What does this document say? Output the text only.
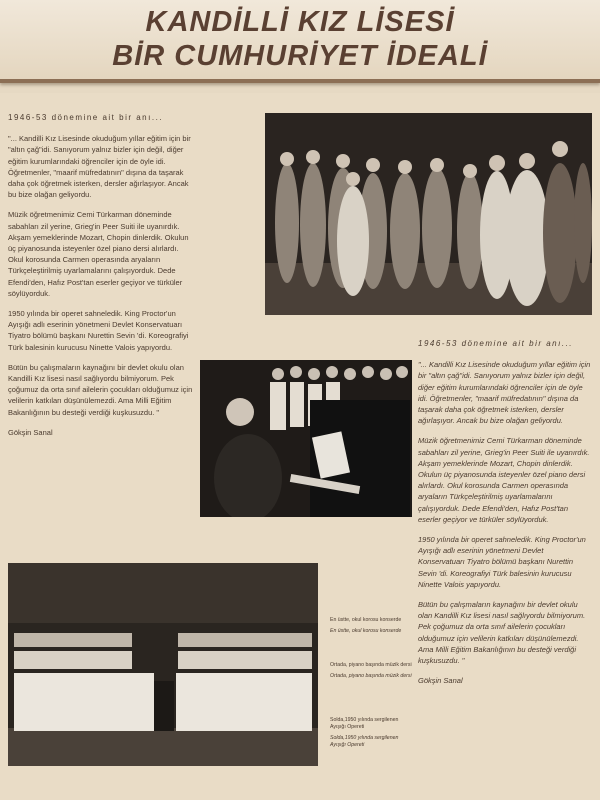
KANDİLLİ KIZ LİSESİ
BİR CUMHURİYET İDEALİ

1946-53 dönemine ait bir anı...

"... Kandilli Kız Lisesinde okuduğum yıllar eğitim için bir "altın çağ"idi. Sanıyorum yalnız bizler için değil, diğer eğitim kurumlarındaki öğrenciler için de öyle idi. Öğretmenler, "maarif müfredatının" dışına da taşarak daha çok öğretmek isterken, dersler ağırlaşıyor. Ancak bu bize olağan geliyordu.

Müzik öğretmenimiz Cemi Türkarman döneminde sabahları zil yerine, Grieg'in Peer Suiti ile uyanırdık. Akşam yemeklerinde Mozart, Chopin dinlerdik. Okulun üç piyanosunda isteyenler özel piano dersi alırlardı. Okul korosunda Carmen operasında aryaların Türkçeleştirilmiş uyarlamalarını çalışıyorduk. Dede Efendi'den, Hafız Post'tan eserler geçiyor ve türküler söylüyorduk.

1950 yılında bir operet sahneledik. King Proctor'un Ayışığı adlı eserinin yönetmeni Devlet Konservatuarı Tiyatro bölümü başkanı Nurettin Sevin 'di. Koreografiyi Türk balesinin kurucusu Ninette Valois yapıyordu.

Bütün bu çalışmaların kaynağını bir devlet okulu olan Kandilli Kız lisesi nasıl sağlıyordu bilmiyorum. Pek çoğumuz da orta sınıf ailelerin çocukları olduğumuz için velilerin katkıları düşünülemezdi. Ama Milli Eğitim Bakanlığının bu desteği verdiği kuşkusuzdu. "

Gökşin Sanal

1946-53 dönemine ait bir anı...

"... Kandilli Kız Lisesinde okuduğum yıllar eğitim için bir "altın çağ"idi. Sanıyorum yalnız bizler için değil, diğer eğitim kurumlarındaki öğrenciler için de öyle idi. Öğretmenler, "maarif müfredatının" dışına da taşarak daha çok öğretmek isterken, dersler ağırlaşıyor. Ancak bu bize olağan geliyordu.

Müzik öğretmenimiz Cemi Türkarman döneminde sabahları zil yerine, Grieg'in Peer Suiti ile uyanırdık. Akşam yemeklerinde Mozart, Chopin dinlerdik. Okulun üç piyanosunda isteyenler özel piano dersi alırlardı. Okul korosunda Carmen operasında aryaların Türkçeleştirilmiş uyarlamalarını çalışıyorduk. Dede Efendi'den, Hafız Post'tan eserler geçiyor ve türküler söylüyorduk.

1950 yılında bir operet sahneledik. King Proctor'un Ayışığı adlı eserinin yönetmeni Devlet Konservatuarı Tiyatro bölümü başkanı Nurettin Sevin 'di. Koreografiyi Türk balesinin kurucusu Ninette Valois yapıyordu.

Bütün bu çalışmaların kaynağını bir devlet okulu olan Kandilli Kız lisesi nasıl sağlıyordu bilmiyorum. Pek çoğumuz da orta sınıf ailelerin çocukları olduğumuz için velilerin katkıları düşünülemezdi. Ama Milli Eğitim Bakanlığının bu desteği verdiği kuşkusuzdu. "

Gökşin Sanal

En üstte, okul korosu konserde
En üstte, okul korosu konserde
Ortada, piyano başında müzik dersi
Ortada, piyano başında müzik dersi
Solda,1950 yılında sergilenen Ayışığı Opereti
Solda,1950 yılında sergilenen Ayışığı Opereti
